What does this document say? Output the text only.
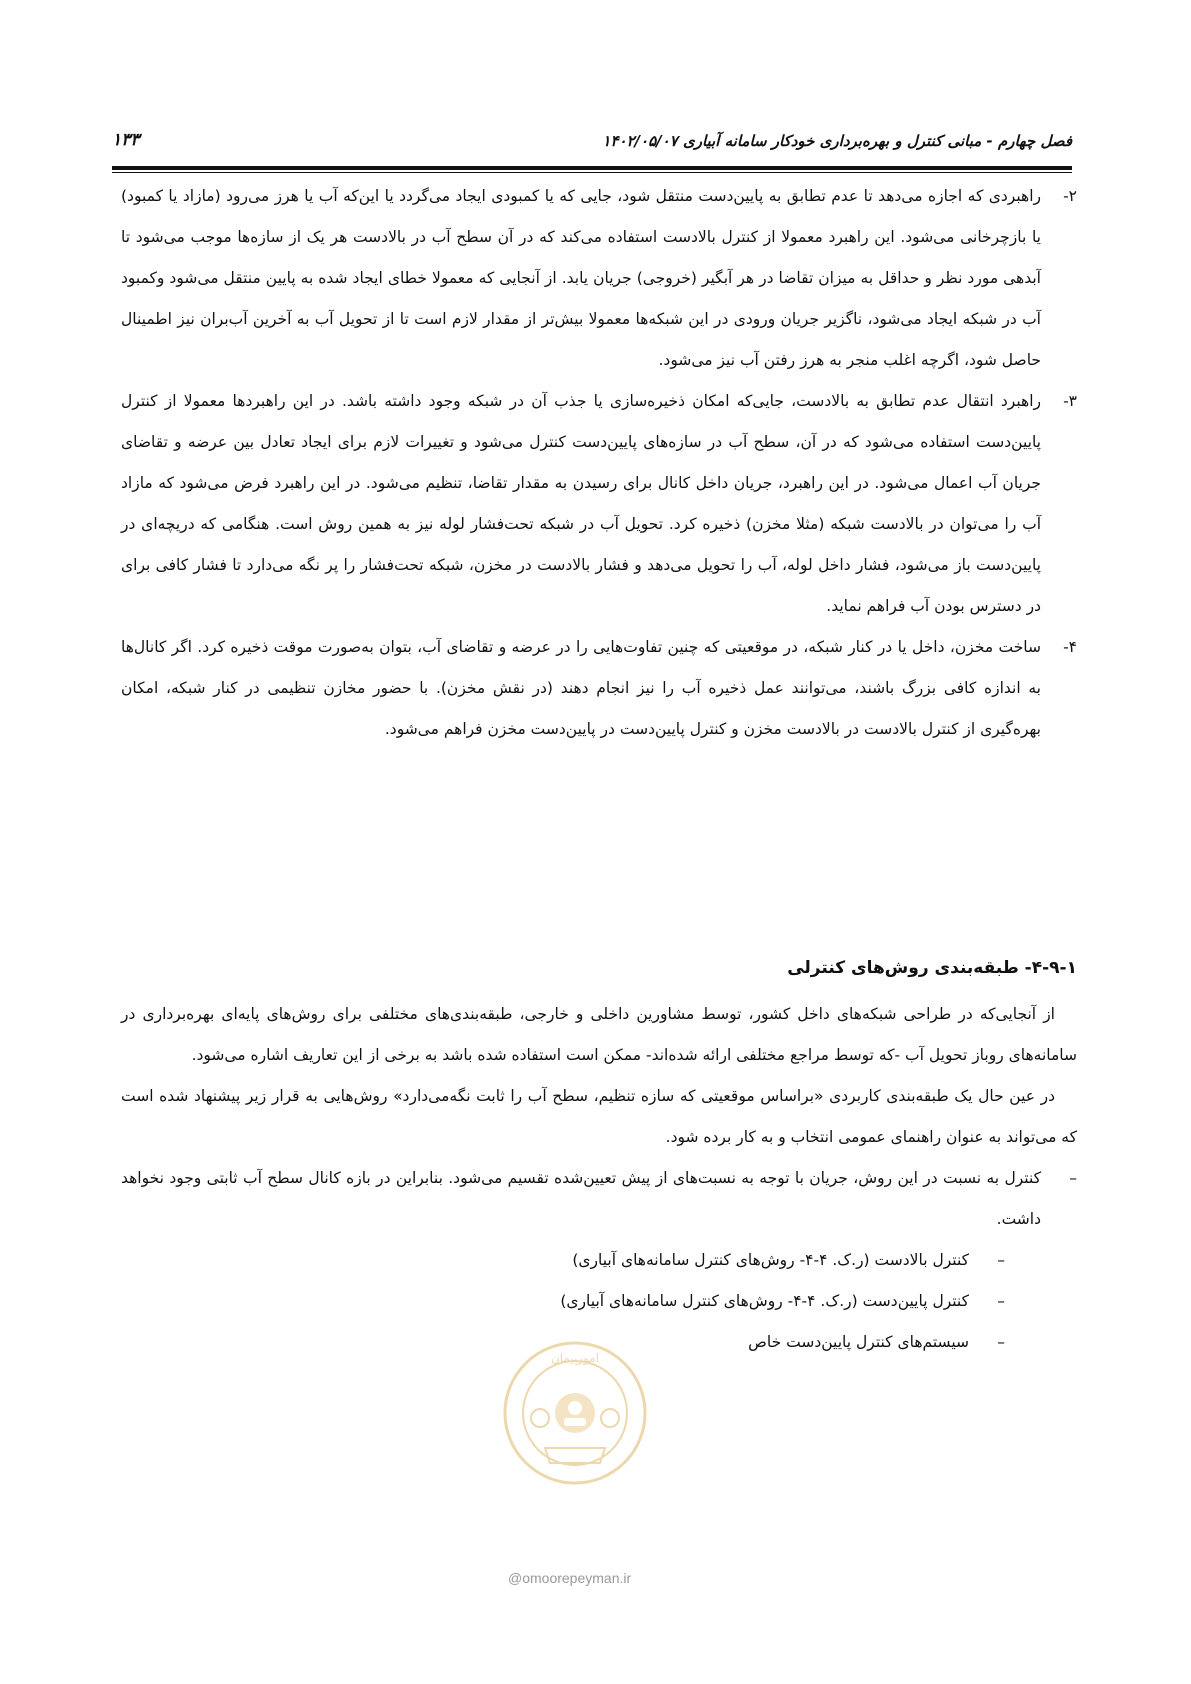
فصل چهارم - مبانی کنترل و بهره‌برداری خودکار سامانه آبیاری ۱۴۰۲/۰۵/۰۷
۱۳۳

۲-
راهبردی که اجازه می‌دهد تا عدم تطابق به پایین‌دست منتقل شود، جایی که یا کمبودی ایجاد می‌گردد یا این‌که آب یا هرز می‌رود (مازاد یا کمبود) یا بازچرخانی می‌شود. این راهبرد معمولا از کنترل بالادست استفاده می‌کند که در آن سطح آب در بالادست هر یک از سازه‌ها موجب می‌شود تا آبدهی مورد نظر و حداقل به میزان تقاضا در هر آبگیر (خروجی) جریان یابد. از آنجایی که معمولا خطای ایجاد شده به پایین منتقل می‌شود وکمبود آب در شبکه ایجاد می‌شود، ناگزیر جریان ورودی در این شبکه‌ها معمولا بیش‌تر از مقدار لازم است تا از تحویل آب به آخرین آب‌بران نیز اطمینال حاصل شود، اگرچه اغلب منجر به هرز رفتن آب نیز می‌شود.

۳-
راهبرد انتقال عدم تطابق به بالادست، جایی‌که امکان ذخیره‌سازی یا جذب آن در شبکه وجود داشته باشد. در این راهبردها معمولا از کنترل پایین‌دست استفاده می‌شود که در آن، سطح آب در سازه‌های پایین‌دست کنترل می‌شود و تغییرات لازم برای ایجاد تعادل بین عرضه و تقاضای جریان آب اعمال می‌شود. در این راهبرد، جریان داخل کانال برای رسیدن به مقدار تقاضا، تنظیم می‌شود. در این راهبرد فرض می‌شود که مازاد آب را می‌توان در بالادست شبکه (مثلا مخزن) ذخیره کرد. تحویل آب در شبکه تحت‌فشار لوله نیز به همین روش است. هنگامی که دریچه‌ای در پایین‌دست باز می‌شود، فشار داخل لوله، آب را تحویل می‌دهد و فشار بالادست در مخزن، شبکه تحت‌فشار را پر نگه می‌دارد تا فشار کافی برای در دسترس بودن آب فراهم نماید.

۴-
ساخت مخزن، داخل یا در کنار شبکه، در موقعیتی که چنین تفاوت‌هایی را در عرضه و تقاضای آب، بتوان به‌صورت موقت ذخیره کرد. اگر کانال‌ها به اندازه کافی بزرگ باشند، می‌توانند عمل ذخیره آب را نیز انجام دهند (در نقش مخزن). با حضور مخازن تنظیمی در کنار شبکه، امکان بهره‌گیری از کنترل بالادست در بالادست مخزن و کنترل پایین‌دست در پایین‌دست مخزن فراهم می‌شود.

۴-۹-۱- طبقه‌بندی روش‌های کنترلی

از آنجایی‌که در طراحی شبکه‌های داخل کشور، توسط مشاورین داخلی و خارجی، طبقه‌بندی‌های مختلفی برای روش‌های پایه‌ای بهره‌برداری در سامانه‌های روباز تحویل آب -که توسط مراجع مختلفی ارائه شده‌اند- ممکن است استفاده شده باشد به برخی از این تعاریف اشاره می‌شود.

در عین حال یک طبقه‌بندی کاربردی «براساس موقعیتی که سازه تنظیم، سطح آب را ثابت نگه‌می‌دارد» روش‌هایی به قرار زیر پیشنهاد شده است که می‌تواند به عنوان راهنمای عمومی انتخاب و به کار برده شود.

–
کنترل به نسبت در این روش، جریان با توجه به نسبت‌های از پیش تعیین‌شده تقسیم می‌شود. بنابراین در بازه کانال سطح آب ثابتی وجود نخواهد داشت.

–
کنترل بالادست (ر.ک. ۴-۴- روش‌های کنترل سامانه‌های آبیاری)

–
کنترل پایین‌دست (ر.ک. ۴-۴- روش‌های کنترل سامانه‌های آبیاری)

–
سیستم‌های کنترل پایین‌دست خاص

امورپیمان
@omoorepeyman.ir
